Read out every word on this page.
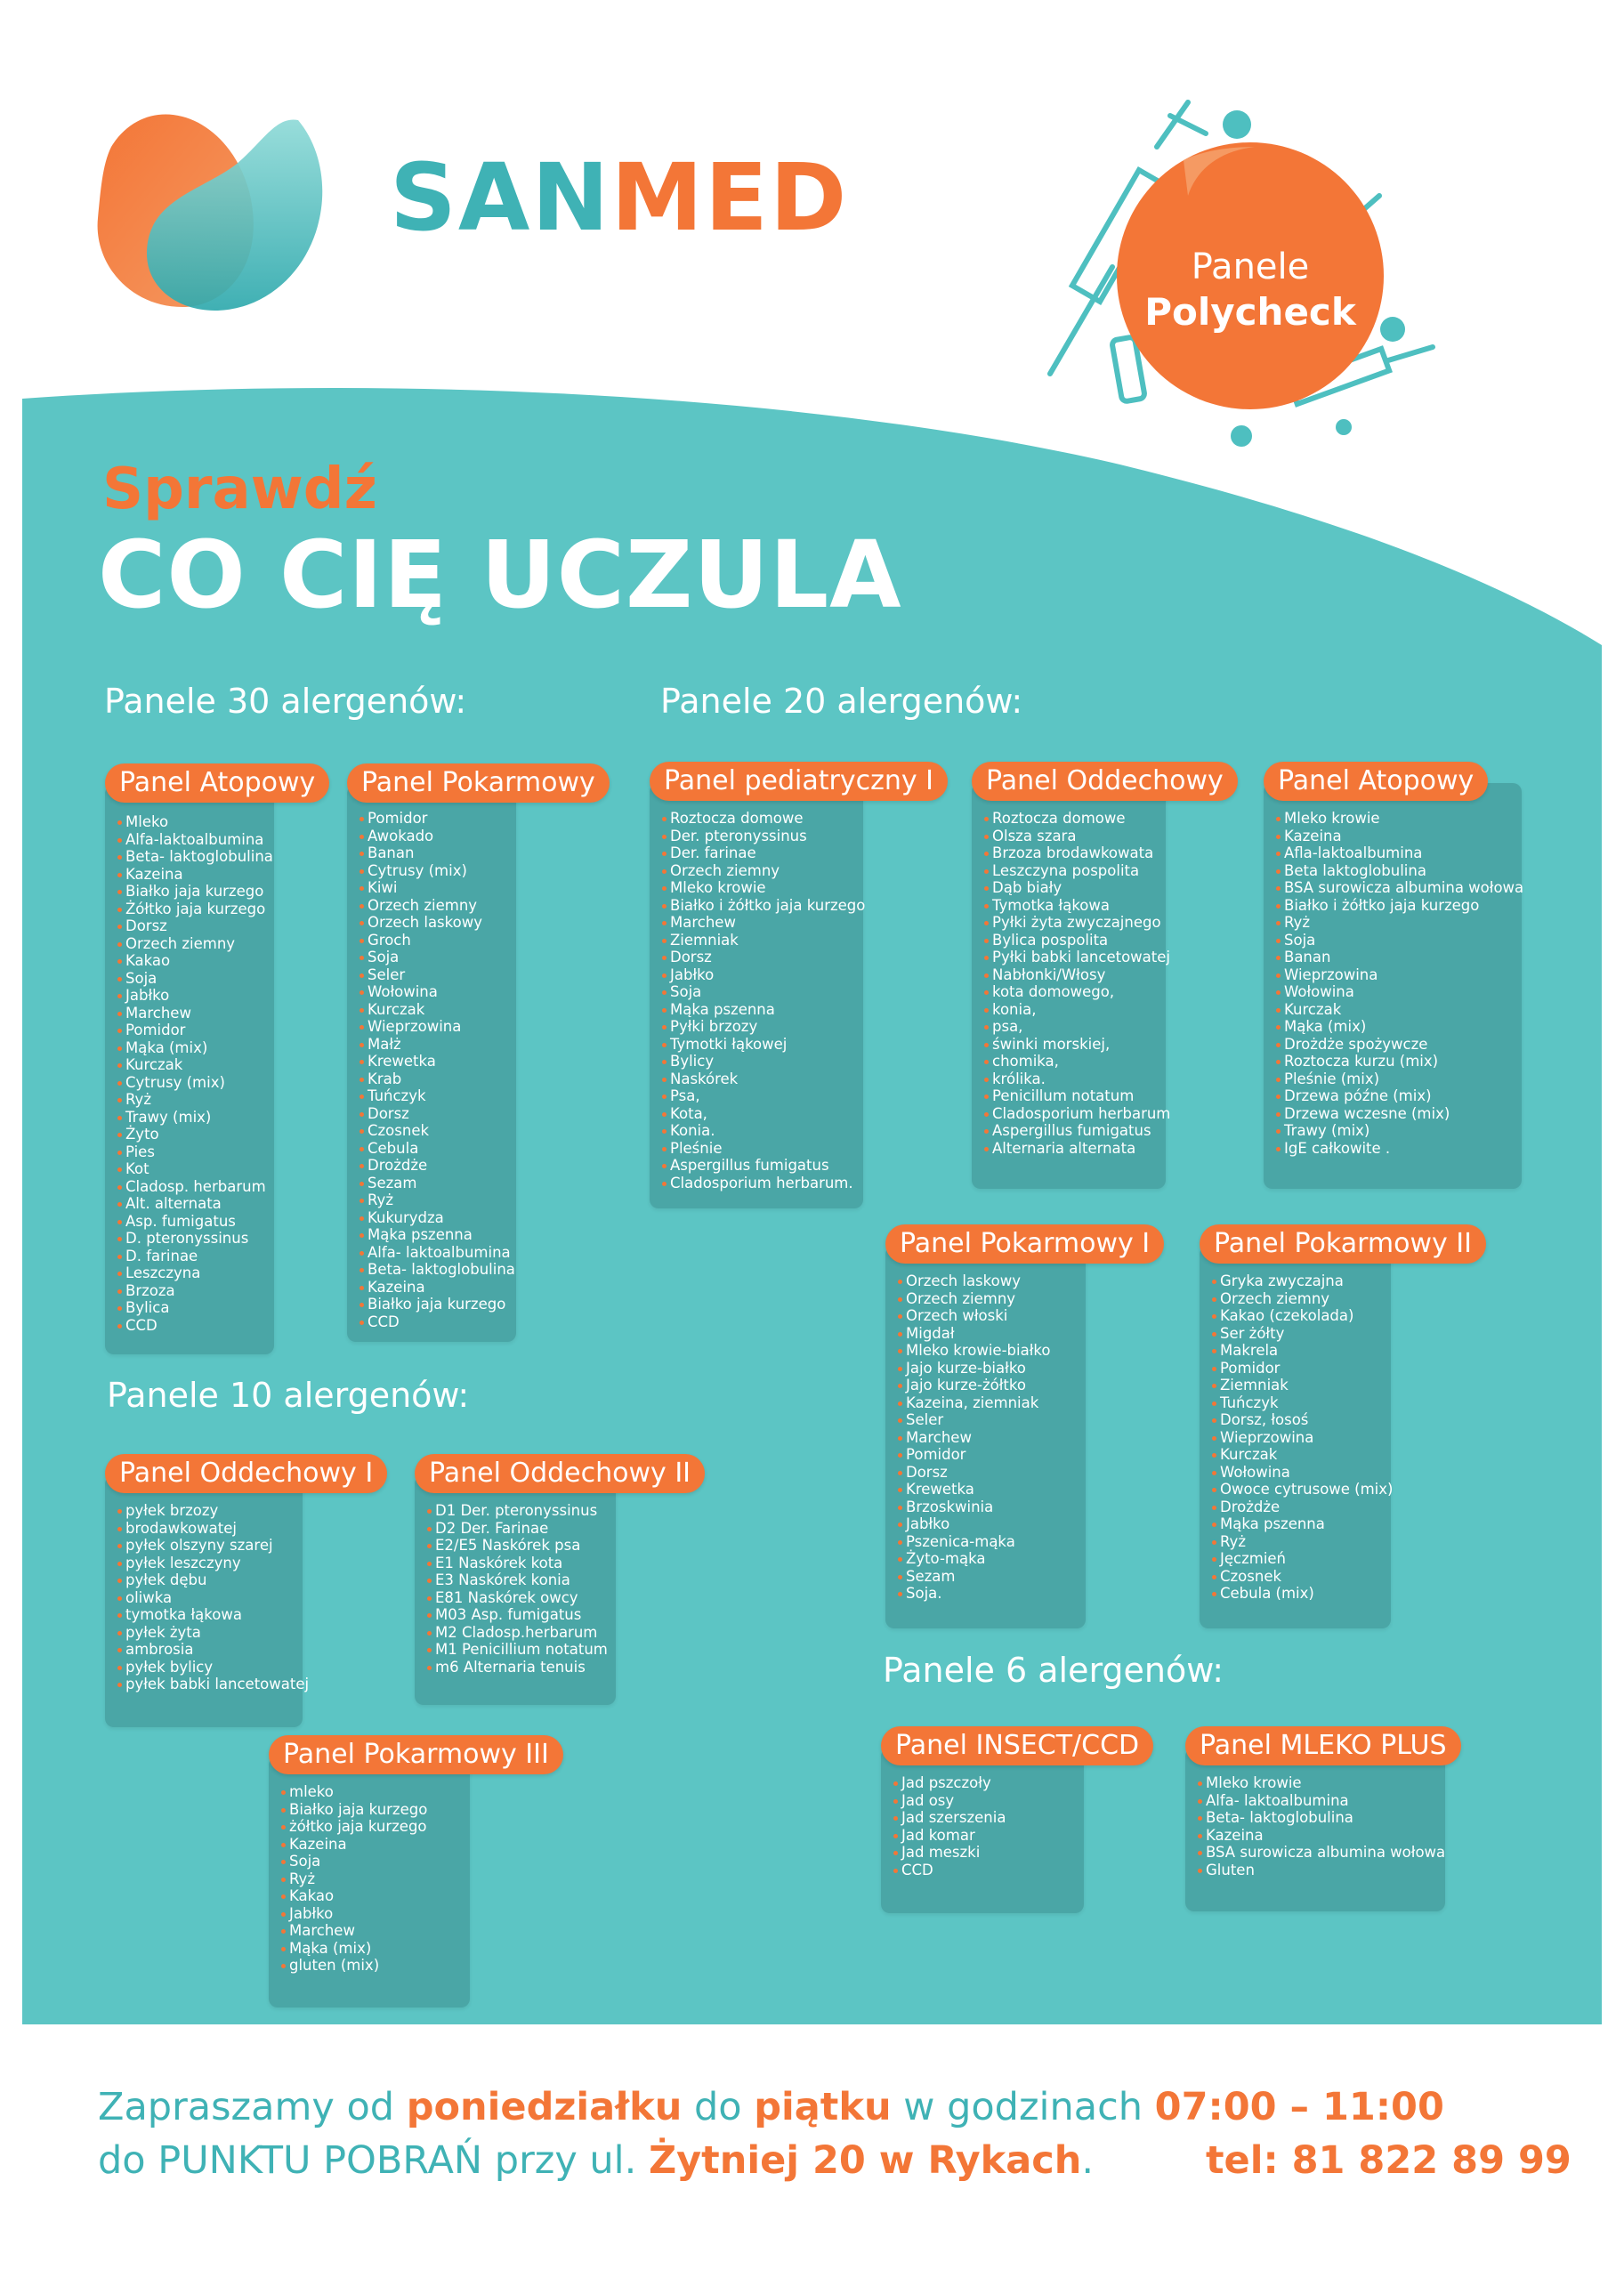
SANMED
Panele
Polycheck
Sprawdź
CO CIĘ UCZULA
Panele 30 alergenów:	Panele 20 alergenów:
Panele 10 alergenów:
Panele 6 alergenów:
Panel Atopowy
Mleko
Alfa-laktoalbumina
Beta- laktoglobulina
Kazeina
Białko jaja kurzego
Żółtko jaja kurzego
Dorsz
Orzech ziemny
Kakao
Soja
Jabłko
Marchew
Pomidor
Mąka (mix)
Kurczak
Cytrusy (mix)
Ryż
Trawy (mix)
Żyto
Pies
Kot
Cladosp. herbarum
Alt. alternata
Asp. fumigatus
D. pteronyssinus
D. farinae
Leszczyna
Brzoza
Bylica
CCD
Panel Pokarmowy
Pomidor
Awokado
Banan
Cytrusy (mix)
Kiwi
Orzech ziemny
Orzech laskowy
Groch
Soja
Seler
Wołowina
Kurczak
Wieprzowina
Małż
Krewetka
Krab
Tuńczyk
Dorsz
Czosnek
Cebula
Drożdże
Sezam
Ryż
Kukurydza
Mąka pszenna
Alfa- laktoalbumina
Beta- laktoglobulina
Kazeina
Białko jaja kurzego
CCD
Panel pediatryczny I
Roztocza domowe
Der. pteronyssinus
Der. farinae
Orzech ziemny
Mleko krowie
Białko i żółtko jaja kurzego
Marchew
Ziemniak
Dorsz
Jabłko
Soja
Mąka pszenna
Pyłki brzozy
Tymotki łąkowej
Bylicy
Naskórek
Psa,
Kota,
Konia.
Pleśnie
Aspergillus fumigatus
Cladosporium herbarum.
Panel Oddechowy
Roztocza domowe
Olsza szara
Brzoza brodawkowata
Leszczyna pospolita
Dąb biały
Tymotka łąkowa
Pyłki żyta zwyczajnego
Bylica pospolita
Pyłki babki lancetowatej
Nabłonki/Włosy
kota domowego,
konia,
psa,
świnki morskiej,
chomika,
królika.
Penicillum notatum
Cladosporium herbarum
Aspergillus fumigatus
Alternaria alternata
Panel Atopowy
Mleko krowie
Kazeina
Afla-laktoalbumina
Beta laktoglobulina
BSA surowicza albumina wołowa
Białko i żółtko jaja kurzego
Ryż
Soja
Banan
Wieprzowina
Wołowina
Kurczak
Mąka (mix)
Drożdże spożywcze
Roztocza kurzu (mix)
Pleśnie (mix)
Drzewa późne (mix)
Drzewa wczesne (mix)
Trawy (mix)
IgE całkowite .
Panel Pokarmowy I
Orzech laskowy
Orzech ziemny
Orzech włoski
Migdał
Mleko krowie-białko
Jajo kurze-białko
Jajo kurze-żółtko
Kazeina, ziemniak
Seler
Marchew
Pomidor
Dorsz
Krewetka
Brzoskwinia
Jabłko
Pszenica-mąka
Żyto-mąka
Sezam
Soja.
Panel Pokarmowy II
Gryka zwyczajna
Orzech ziemny
Kakao (czekolada)
Ser żółty
Makrela
Pomidor
Ziemniak
Tuńczyk
Dorsz, łosoś
Wieprzowina
Kurczak
Wołowina
Owoce cytrusowe (mix)
Drożdże
Mąka pszenna
Ryż
Jęczmień
Czosnek
Cebula (mix)
Panel Oddechowy I
pyłek brzozy
brodawkowatej
pyłek olszyny szarej
pyłek leszczyny
pyłek dębu
oliwka
tymotka łąkowa
pyłek żyta
ambrosia
pyłek bylicy
pyłek babki lancetowatej
Panel Oddechowy II
D1 Der. pteronyssinus
D2 Der. Farinae
E2/E5 Naskórek psa
E1 Naskórek kota
E3 Naskórek konia
E81 Naskórek owcy
M03 Asp. fumigatus
M2 Cladosp.herbarum
M1 Penicillium notatum
m6 Alternaria tenuis
Panel Pokarmowy III
mleko
Białko jaja kurzego
żółtko jaja kurzego
Kazeina
Soja
Ryż
Kakao
Jabłko
Marchew
Mąka (mix)
gluten (mix)
Panel INSECT/CCD
Jad pszczoły
Jad osy
Jad szerszenia
Jad komar
Jad meszki
CCD
Panel MLEKO PLUS
Mleko krowie
Alfa- laktoalbumina
Beta- laktoglobulina
Kazeina
BSA surowicza albumina wołowa
Gluten
Zapraszamy od poniedziałku do piątku w godzinach 07:00 – 11:00
do PUNKTU POBRAŃ przy ul. Żytniej 20 w Rykach.	tel: 81 822 89 99
